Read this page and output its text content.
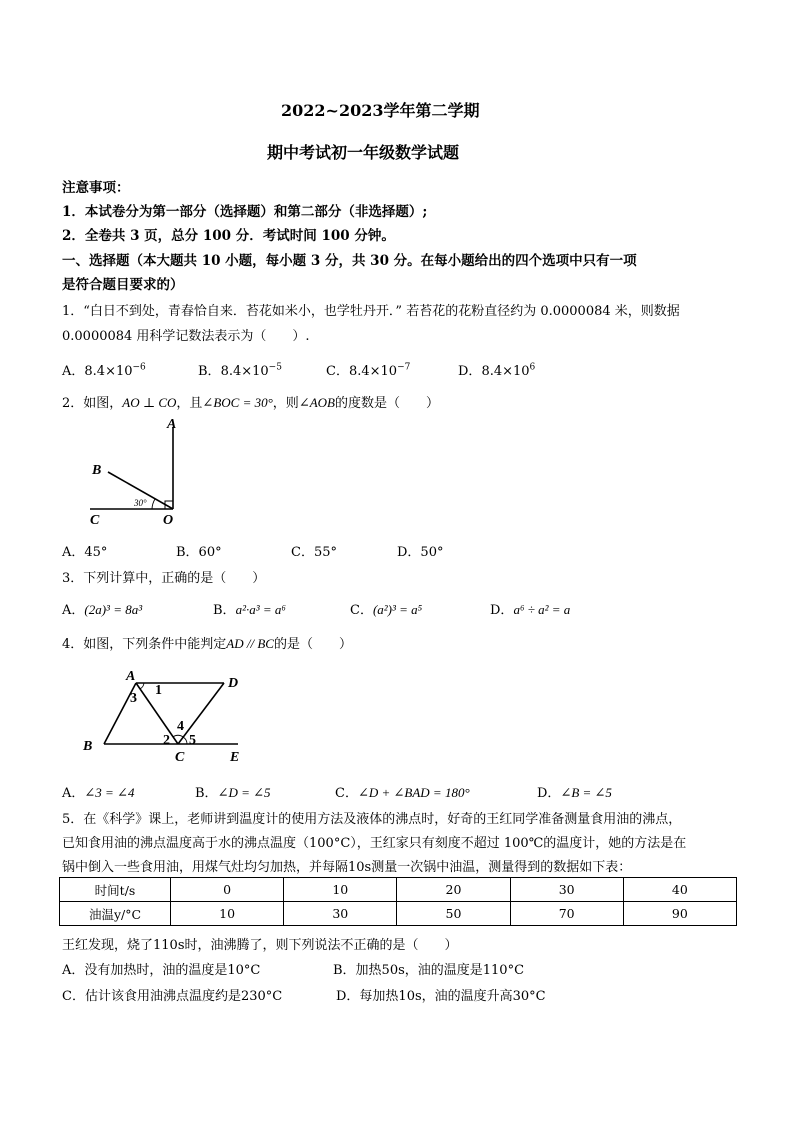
2022~2023学年第二学期
期中考试初一年级数学试题
注意事项：
1．本试卷分为第一部分（选择题）和第二部分（非选择题）;
2．全卷共 3 页，总分 100 分．考试时间 100 分钟。
一、选择题（本大题共 10 小题，每小题 3 分，共 30 分。在每小题给出的四个选项中只有一项
是符合题目要求的）
1．“白日不到处，青春恰自来．苔花如米小，也学牡丹开．” 若苔花的花粉直径约为 0.0000084 米，则数据
0.0000084 用科学记数法表示为（　　）.
A．$8.4\times 10^{-6}$	B．$8.4\times 10^{-5}$	C．$8.4\times 10^{-7}$	D．$8.4\times 10^6$
2．如图，AO ⊥ CO，且∠BOC = 30°，则∠AOB的度数是（　　）
A
B
C	O
30°
A．45°	B．60°	C．55°	D．50°
3．下列计算中，正确的是（　　）
A．(2a)³ = 8a³	B．a²·a³ = a⁶	C．(a²)³ = a⁵	D．a⁶ ÷ a² = a
4．如图，下列条件中能判定AD // BC的是（　　）
A	D
B
C	E
1
3
4
2 5
A．∠3 = ∠4	B．∠D = ∠5	C．∠D + ∠BAD = 180°	D．∠B = ∠5
5．在《科学》课上，老师讲到温度计的使用方法及液体的沸点时，好奇的王红同学准备测量食用油的沸点，
已知食用油的沸点温度高于水的沸点温度（100°C），王红家只有刻度不超过 100℃的温度计，她的方法是在
锅中倒入一些食用油，用煤气灶均匀加热，并每隔10s测量一次锅中油温，测量得到的数据如下表：
时间t/s	0	10	20	30	40
油温y/°C	10	30	50	70	90
王红发现，烧了110s时，油沸腾了，则下列说法不正确的是（　　）
A．没有加热时，油的温度是10°C	B．加热50s，油的温度是110°C
C．估计该食用油沸点温度约是230°C	D．每加热10s，油的温度升高30°C
